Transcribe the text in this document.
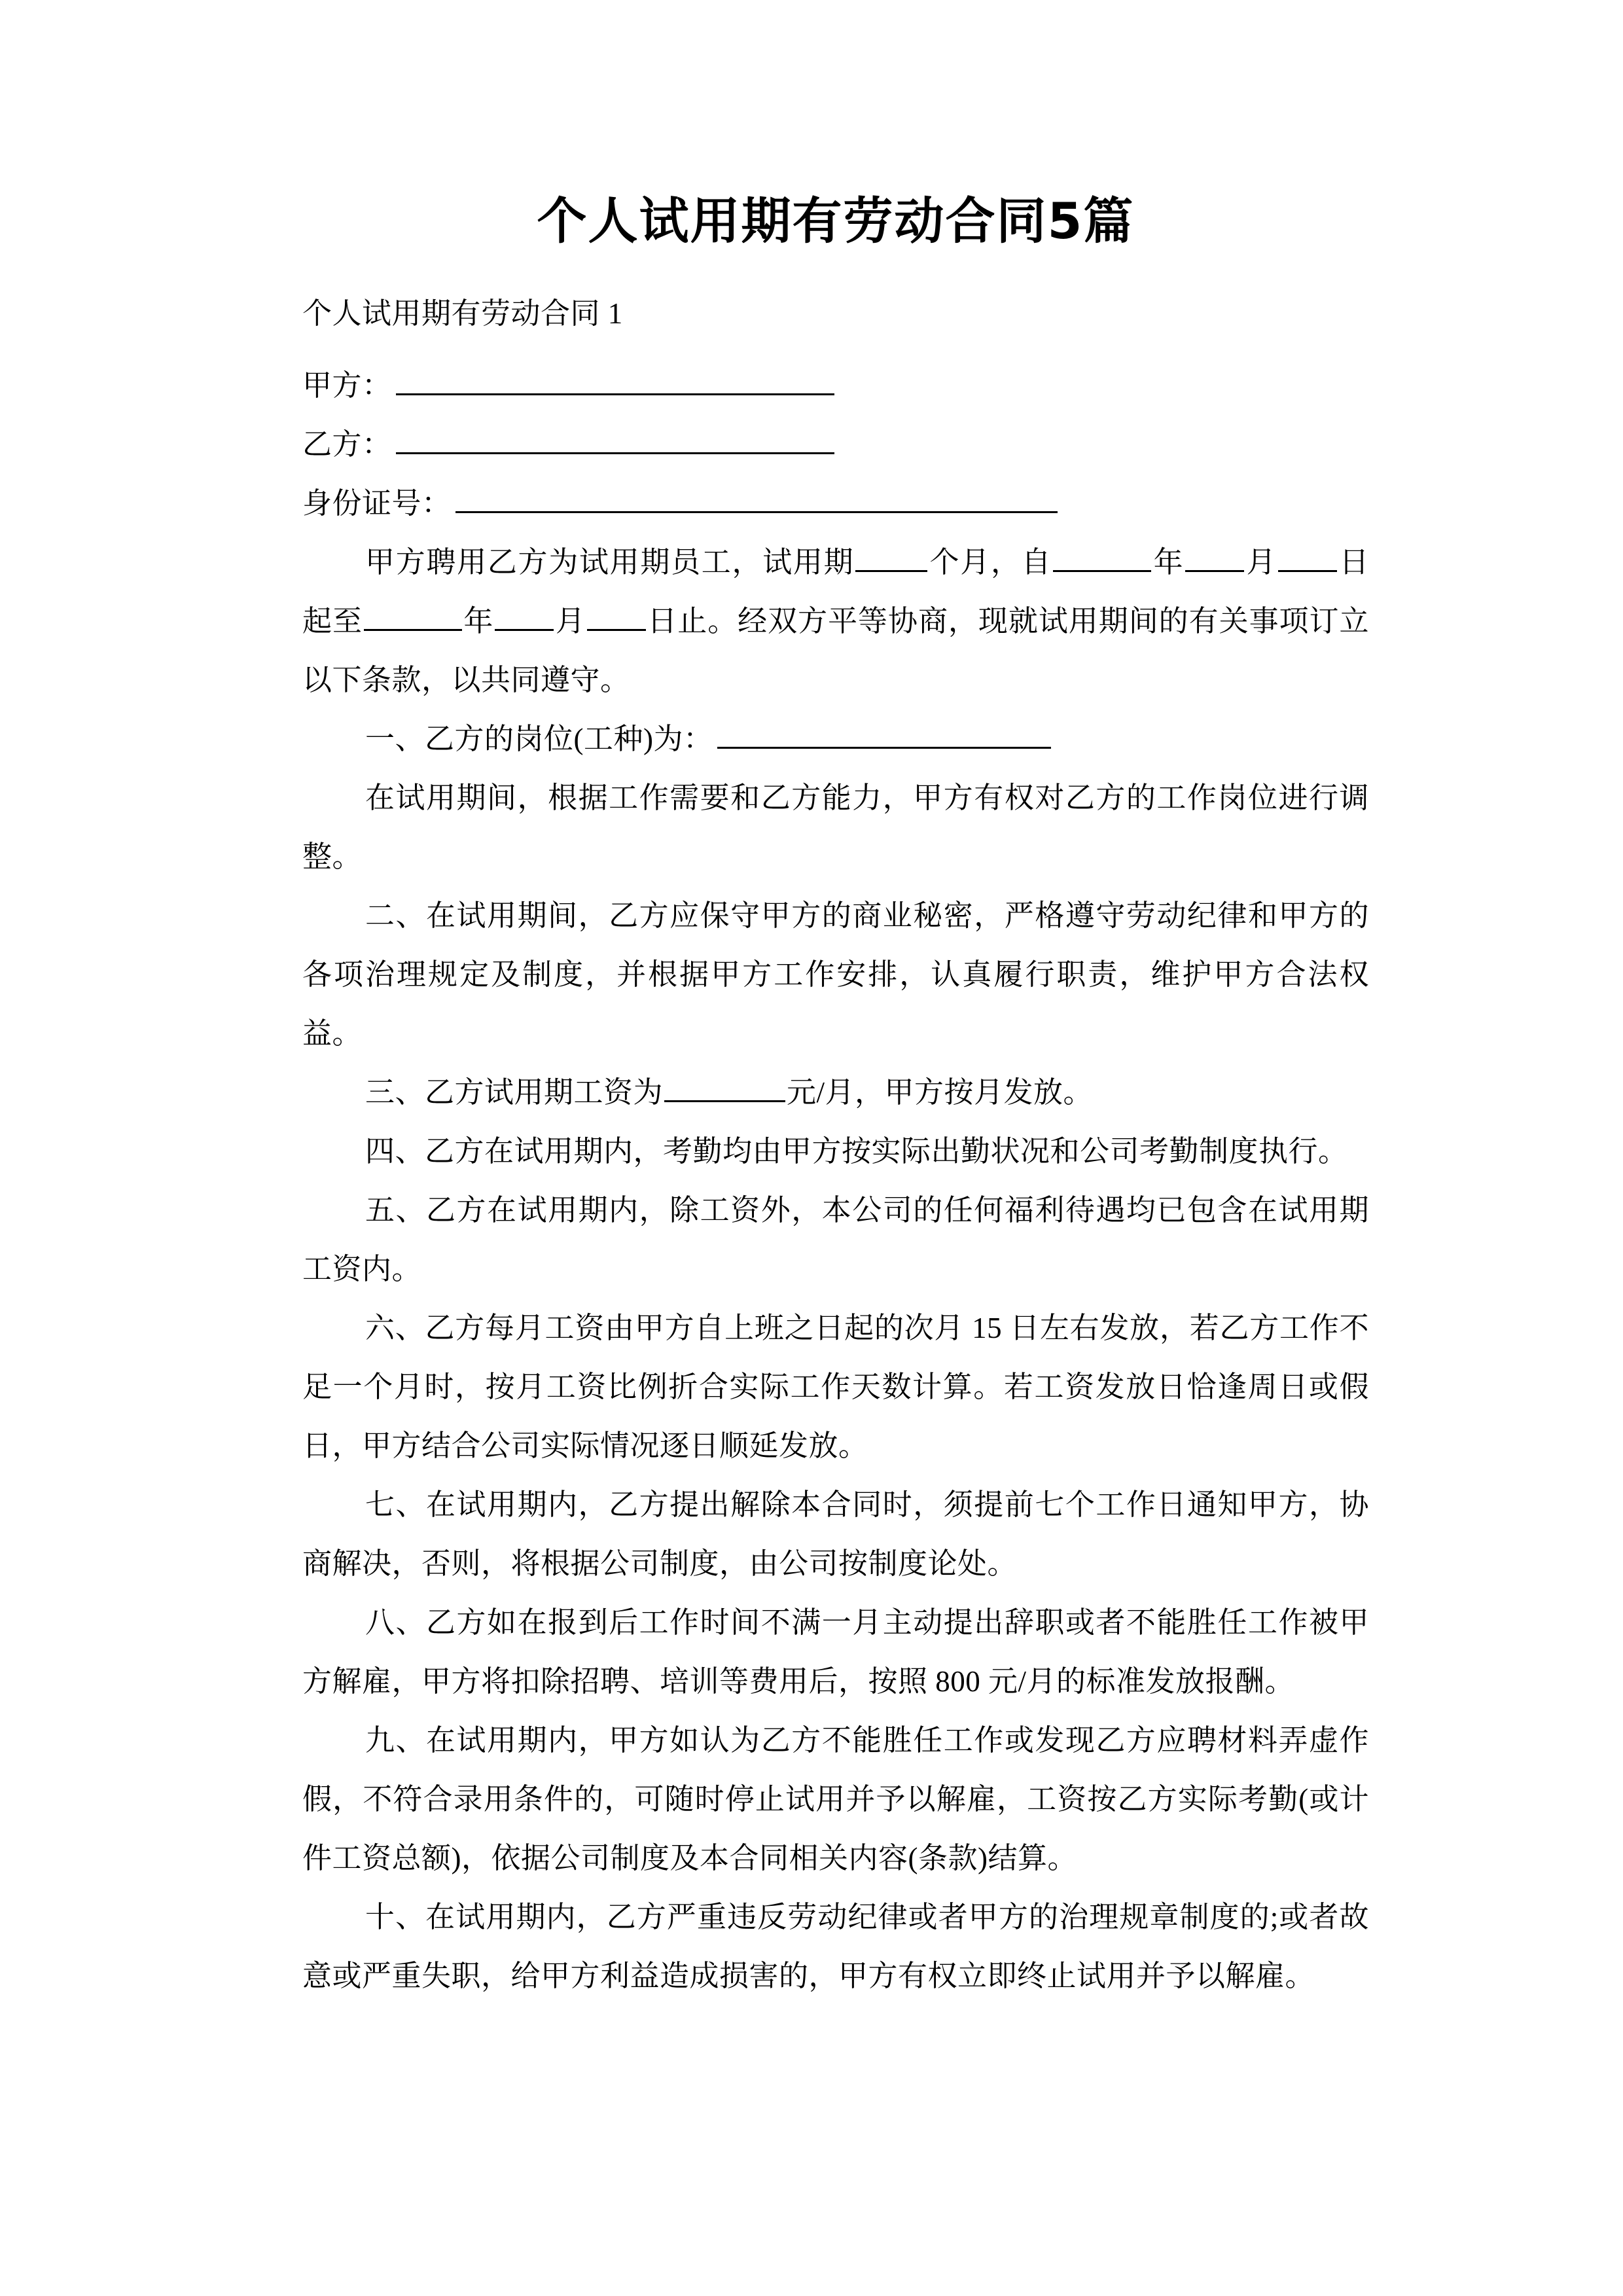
个人试用期有劳动合同5篇

个人试用期有劳动合同 1

甲方：

乙方：

身份证号：

甲方聘用乙方为试用期员工，试用期	个月，自	年 月 日起至	年 月 日止。经双方平等协商，现就试用期间的有关事项订立以下条款，以共同遵守。

一、乙方的岗位(工种)为：

在试用期间，根据工作需要和乙方能力，甲方有权对乙方的工作岗位进行调整。

二、在试用期间，乙方应保守甲方的商业秘密，严格遵守劳动纪律和甲方的各项治理规定及制度，并根据甲方工作安排，认真履行职责，维护甲方合法权益。

三、乙方试用期工资为	元/月，甲方按月发放。

四、乙方在试用期内，考勤均由甲方按实际出勤状况和公司考勤制度执行。

五、乙方在试用期内，除工资外，本公司的任何福利待遇均已包含在试用期工资内。

六、乙方每月工资由甲方自上班之日起的次月 15 日左右发放，若乙方工作不足一个月时，按月工资比例折合实际工作天数计算。若工资发放日恰逢周日或假日，甲方结合公司实际情况逐日顺延发放。

七、在试用期内，乙方提出解除本合同时，须提前七个工作日通知甲方，协商解决，否则，将根据公司制度，由公司按制度论处。

八、乙方如在报到后工作时间不满一月主动提出辞职或者不能胜任工作被甲方解雇，甲方将扣除招聘、培训等费用后，按照 800 元/月的标准发放报酬。

九、在试用期内，甲方如认为乙方不能胜任工作或发现乙方应聘材料弄虚作假，不符合录用条件的，可随时停止试用并予以解雇，工资按乙方实际考勤(或计件工资总额)，依据公司制度及本合同相关内容(条款)结算。

十、在试用期内，乙方严重违反劳动纪律或者甲方的治理规章制度的;或者故意或严重失职，给甲方利益造成损害的，甲方有权立即终止试用并予以解雇。
